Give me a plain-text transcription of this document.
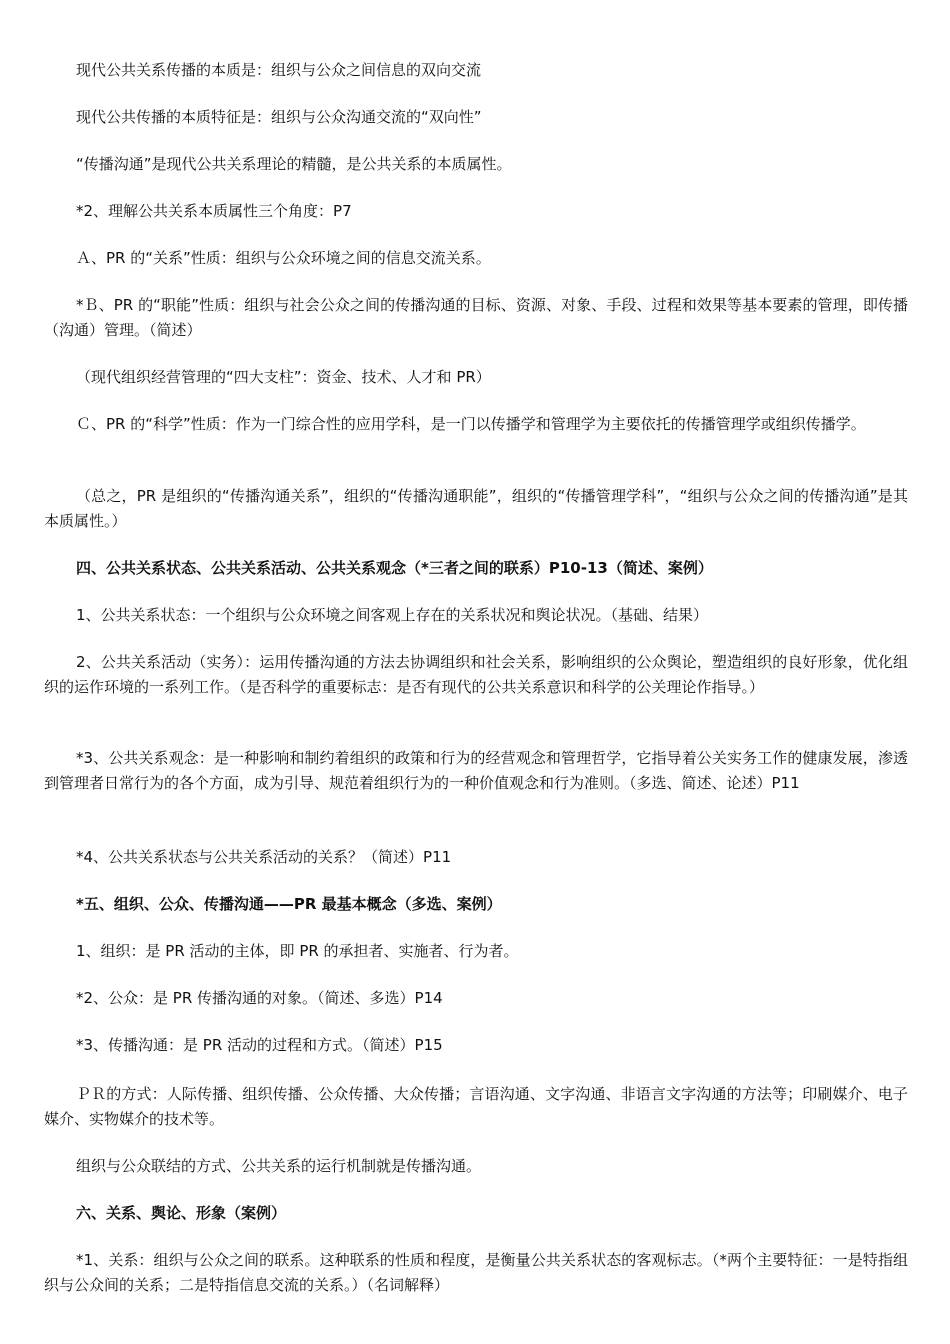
现代公共关系传播的本质是：组织与公众之间信息的双向交流

现代公共传播的本质特征是：组织与公众沟通交流的“双向性”

“传播沟通”是现代公共关系理论的精髓，是公共关系的本质属性。

*2、理解公共关系本质属性三个角度：P7

Ａ、PR 的“关系”性质：组织与公众环境之间的信息交流关系。

*Ｂ、PR 的“职能”性质：组织与社会公众之间的传播沟通的目标、资源、对象、手段、过程和效果等基本要素的管理，即传播（沟通）管理。（简述）

（现代组织经营管理的“四大支柱”：资金、技术、人才和 PR）

Ｃ、PR 的“科学”性质：作为一门综合性的应用学科，是一门以传播学和管理学为主要依托的传播管理学或组织传播学。

（总之，PR 是组织的“传播沟通关系”，组织的“传播沟通职能”，组织的“传播管理学科”，“组织与公众之间的传播沟通”是其本质属性。）

四、公共关系状态、公共关系活动、公共关系观念（*三者之间的联系）P10-13（简述、案例）

1、公共关系状态：一个组织与公众环境之间客观上存在的关系状况和舆论状况。（基础、结果）

2、公共关系活动（实务）：运用传播沟通的方法去协调组织和社会关系，影响组织的公众舆论，塑造组织的良好形象，优化组织的运作环境的一系列工作。（是否科学的重要标志：是否有现代的公共关系意识和科学的公关理论作指导。）

*3、公共关系观念：是一种影响和制约着组织的政策和行为的经营观念和管理哲学，它指导着公关实务工作的健康发展，渗透到管理者日常行为的各个方面，成为引导、规范着组织行为的一种价值观念和行为准则。（多选、简述、论述）P11

*4、公共关系状态与公共关系活动的关系？（简述）P11

*五、组织、公众、传播沟通——PR 最基本概念（多选、案例）

1、组织：是 PR 活动的主体，即 PR 的承担者、实施者、行为者。

*2、公众：是 PR 传播沟通的对象。（简述、多选）P14

*3、传播沟通：是 PR 活动的过程和方式。（简述）P15

ＰＲ的方式：人际传播、组织传播、公众传播、大众传播；言语沟通、文字沟通、非语言文字沟通的方法等；印刷媒介、电子媒介、实物媒介的技术等。

组织与公众联结的方式、公共关系的运行机制就是传播沟通。

六、关系、舆论、形象（案例）

*1、关系：组织与公众之间的联系。这种联系的性质和程度，是衡量公共关系状态的客观标志。（*两个主要特征：一是特指组织与公众间的关系；二是特指信息交流的关系。）（名词解释）
